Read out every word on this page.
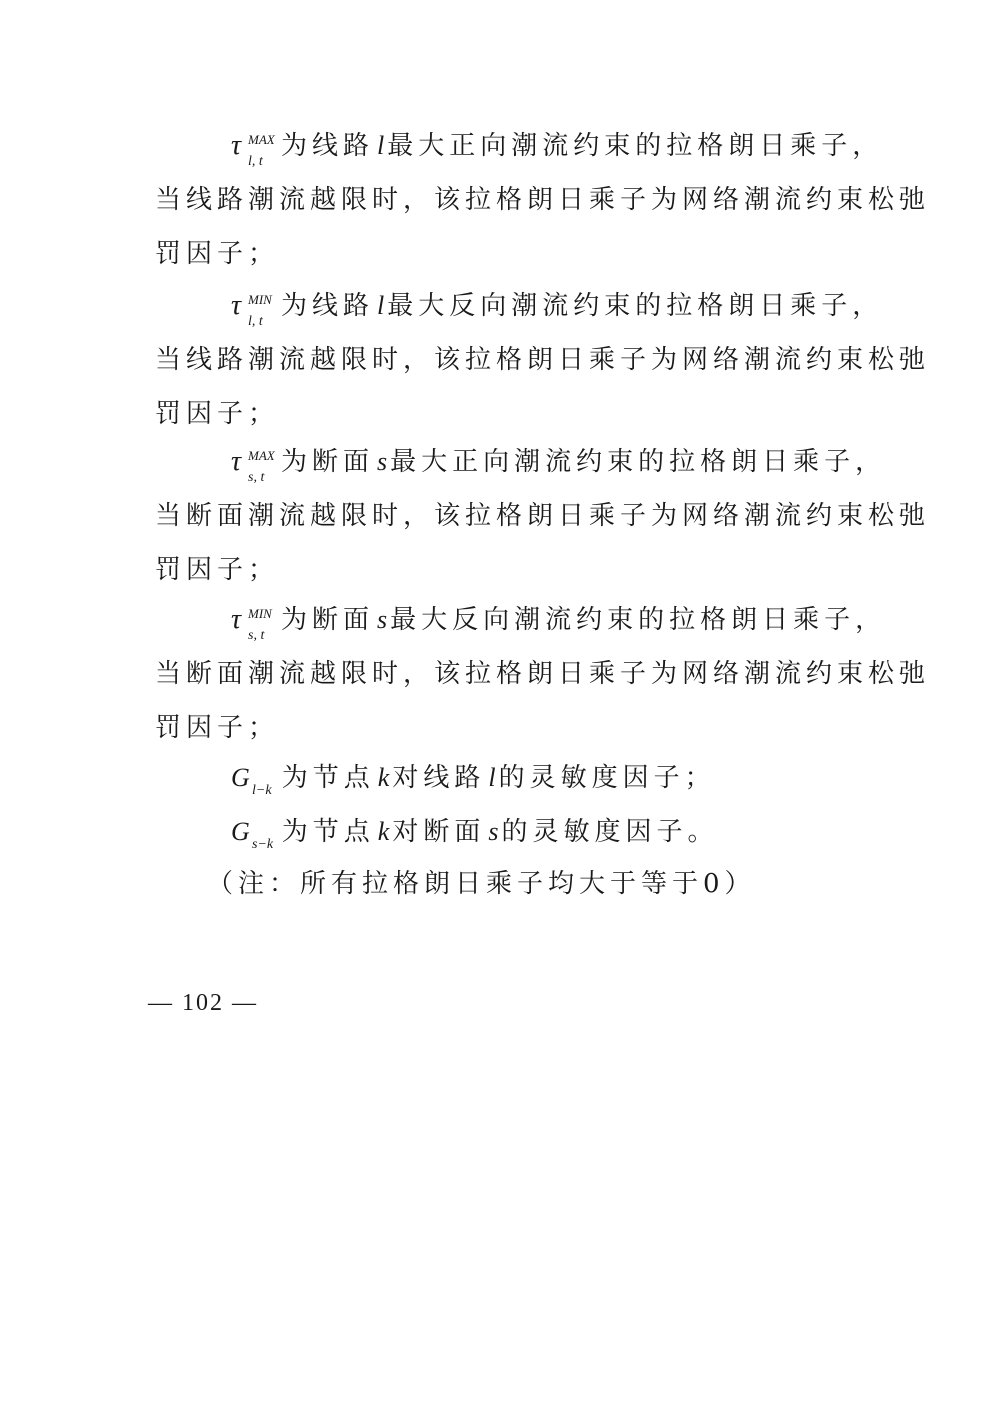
τ MAX
l, t
为线路 l 最大正向潮流约束的拉格朗日乘子，
当线路潮流越限时，该拉格朗日乘子为网络潮流约束松弛
罚因子；
τ MIN
l, t
为线路 l 最大反向潮流约束的拉格朗日乘子，
当线路潮流越限时，该拉格朗日乘子为网络潮流约束松弛
罚因子；
τ MAX
s, t
为断面 s 最大正向潮流约束的拉格朗日乘子，
当断面潮流越限时，该拉格朗日乘子为网络潮流约束松弛
罚因子；
τ MIN
s, t
为断面 s 最大反向潮流约束的拉格朗日乘子，
当断面潮流越限时，该拉格朗日乘子为网络潮流约束松弛
罚因子；
G l−k 为节点 k 对线路 l 的灵敏度因子；
G s−k 为节点 k 对断面 s 的灵敏度因子。
（注：所有拉格朗日乘子均大于等于0）
— 102 —
